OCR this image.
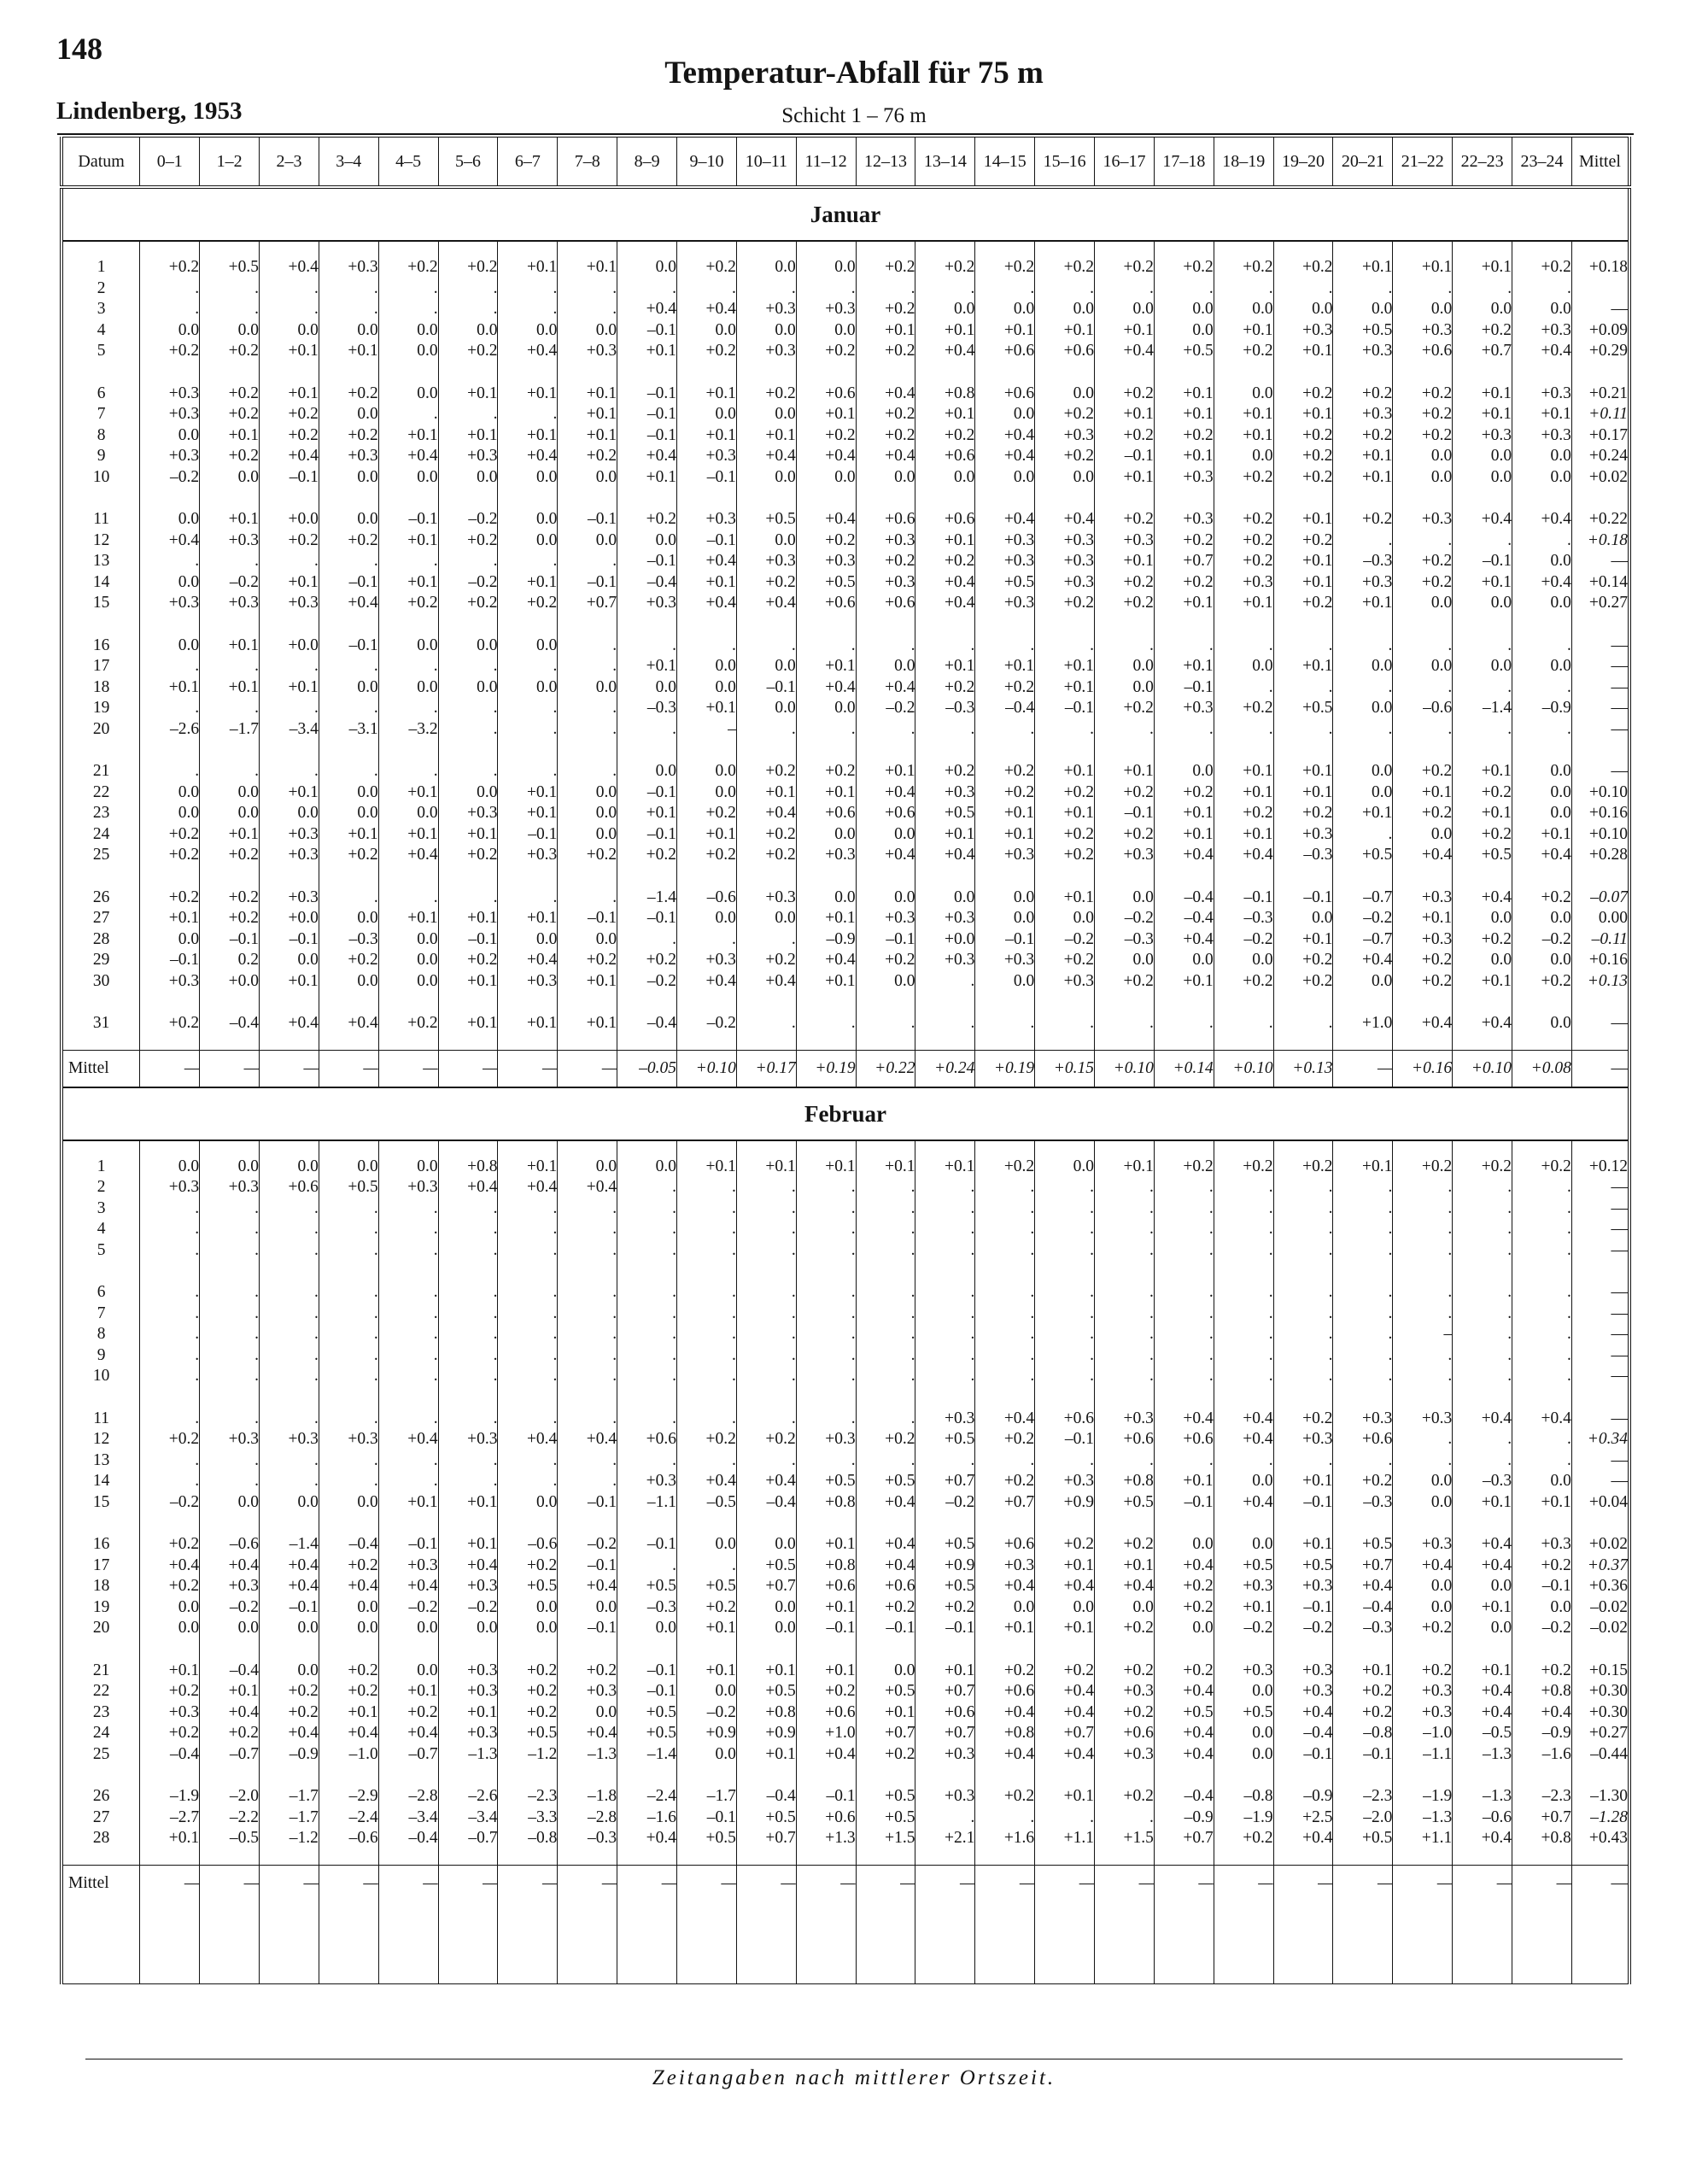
148
Lindenberg, 1953
Temperatur-Abfall für 75 m
Schicht 1 – 76 m
Datum	0–1	1–2	2–3	3–4	4–5	5–6	6–7	7–8	8–9	9–10	10–11	11–12	12–13	13–14	14–15	15–16	16–17	17–18	18–19	19–20	20–21	21–22	22–23	23–24	Mittel
Januar																									

1	+0.2	+0.5	+0.4	+0.3	+0.2	+0.2	+0.1	+0.1	0.0	+0.2	0.0	0.0	+0.2	+0.2	+0.2	+0.2	+0.2	+0.2	+0.2	+0.2	+0.1	+0.1	+0.1	+0.2	+0.18
2	.	.	.	.	.	.	.	.	.	.	.	.	.	.	.	.	.	.	.	.	.	.	.	.	
3	.	.	.	.	.	.	.	.	+0.4	+0.4	+0.3	+0.3	+0.2	0.0	0.0	0.0	0.0	0.0	0.0	0.0	0.0	0.0	0.0	0.0	—
4	0.0	0.0	0.0	0.0	0.0	0.0	0.0	0.0	–0.1	0.0	0.0	0.0	+0.1	+0.1	+0.1	+0.1	+0.1	0.0	+0.1	+0.3	+0.5	+0.3	+0.2	+0.3	+0.09
5	+0.2	+0.2	+0.1	+0.1	0.0	+0.2	+0.4	+0.3	+0.1	+0.2	+0.3	+0.2	+0.2	+0.4	+0.6	+0.6	+0.4	+0.5	+0.2	+0.1	+0.3	+0.6	+0.7	+0.4	+0.29

6	+0.3	+0.2	+0.1	+0.2	0.0	+0.1	+0.1	+0.1	–0.1	+0.1	+0.2	+0.6	+0.4	+0.8	+0.6	0.0	+0.2	+0.1	0.0	+0.2	+0.2	+0.2	+0.1	+0.3	+0.21
7	+0.3	+0.2	+0.2	0.0	.	.	.	+0.1	–0.1	0.0	0.0	+0.1	+0.2	+0.1	0.0	+0.2	+0.1	+0.1	+0.1	+0.1	+0.3	+0.2	+0.1	+0.1	+0.11
8	0.0	+0.1	+0.2	+0.2	+0.1	+0.1	+0.1	+0.1	–0.1	+0.1	+0.1	+0.2	+0.2	+0.2	+0.4	+0.3	+0.2	+0.2	+0.1	+0.2	+0.2	+0.2	+0.3	+0.3	+0.17
9	+0.3	+0.2	+0.4	+0.3	+0.4	+0.3	+0.4	+0.2	+0.4	+0.3	+0.4	+0.4	+0.4	+0.6	+0.4	+0.2	–0.1	+0.1	0.0	+0.2	+0.1	0.0	0.0	0.0	+0.24
10	–0.2	0.0	–0.1	0.0	0.0	0.0	0.0	0.0	+0.1	–0.1	0.0	0.0	0.0	0.0	0.0	0.0	+0.1	+0.3	+0.2	+0.2	+0.1	0.0	0.0	0.0	+0.02

11	0.0	+0.1	+0.0	0.0	–0.1	–0.2	0.0	–0.1	+0.2	+0.3	+0.5	+0.4	+0.6	+0.6	+0.4	+0.4	+0.2	+0.3	+0.2	+0.1	+0.2	+0.3	+0.4	+0.4	+0.22
12	+0.4	+0.3	+0.2	+0.2	+0.1	+0.2	0.0	0.0	0.0	–0.1	0.0	+0.2	+0.3	+0.1	+0.3	+0.3	+0.3	+0.2	+0.2	+0.2	.	.	.	.	+0.18
13	.	.	.	.	.	.	.	.	–0.1	+0.4	+0.3	+0.3	+0.2	+0.2	+0.3	+0.3	+0.1	+0.7	+0.2	+0.1	–0.3	+0.2	–0.1	0.0	—
14	0.0	–0.2	+0.1	–0.1	+0.1	–0.2	+0.1	–0.1	–0.4	+0.1	+0.2	+0.5	+0.3	+0.4	+0.5	+0.3	+0.2	+0.2	+0.3	+0.1	+0.3	+0.2	+0.1	+0.4	+0.14
15	+0.3	+0.3	+0.3	+0.4	+0.2	+0.2	+0.2	+0.7	+0.3	+0.4	+0.4	+0.6	+0.6	+0.4	+0.3	+0.2	+0.2	+0.1	+0.1	+0.2	+0.1	0.0	0.0	0.0	+0.27

16	0.0	+0.1	+0.0	–0.1	0.0	0.0	0.0	.	.	.	.	.	.	.	.	.	.	.	.	.	.	.	.	.	—
17	.	.	.	.	.	.	.	.	+0.1	0.0	0.0	+0.1	0.0	+0.1	+0.1	+0.1	0.0	+0.1	0.0	+0.1	0.0	0.0	0.0	0.0	—
18	+0.1	+0.1	+0.1	0.0	0.0	0.0	0.0	0.0	0.0	0.0	–0.1	+0.4	+0.4	+0.2	+0.2	+0.1	0.0	–0.1	.	.	.	.	.	.	—
19	.	.	.	.	.	.	.	.	–0.3	+0.1	0.0	0.0	–0.2	–0.3	–0.4	–0.1	+0.2	+0.3	+0.2	+0.5	0.0	–0.6	–1.4	–0.9	—
20	–2.6	–1.7	–3.4	–3.1	–3.2	.	.	.	.	–	.	.	.	.	.	.	.	.	.	.	.	.	.	.	—

21	.	.	.	.	.	.	.	.	0.0	0.0	+0.2	+0.2	+0.1	+0.2	+0.2	+0.1	+0.1	0.0	+0.1	+0.1	0.0	+0.2	+0.1	0.0	—
22	0.0	0.0	+0.1	0.0	+0.1	0.0	+0.1	0.0	–0.1	0.0	+0.1	+0.1	+0.4	+0.3	+0.2	+0.2	+0.2	+0.2	+0.1	+0.1	0.0	+0.1	+0.2	0.0	+0.10
23	0.0	0.0	0.0	0.0	0.0	+0.3	+0.1	0.0	+0.1	+0.2	+0.4	+0.6	+0.6	+0.5	+0.1	+0.1	–0.1	+0.1	+0.2	+0.2	+0.1	+0.2	+0.1	0.0	+0.16
24	+0.2	+0.1	+0.3	+0.1	+0.1	+0.1	–0.1	0.0	–0.1	+0.1	+0.2	0.0	0.0	+0.1	+0.1	+0.2	+0.2	+0.1	+0.1	+0.3	.	0.0	+0.2	+0.1	+0.10
25	+0.2	+0.2	+0.3	+0.2	+0.4	+0.2	+0.3	+0.2	+0.2	+0.2	+0.2	+0.3	+0.4	+0.4	+0.3	+0.2	+0.3	+0.4	+0.4	–0.3	+0.5	+0.4	+0.5	+0.4	+0.28

26	+0.2	+0.2	+0.3	.	.	.	.	.	–1.4	–0.6	+0.3	0.0	0.0	0.0	0.0	+0.1	0.0	–0.4	–0.1	–0.1	–0.7	+0.3	+0.4	+0.2	–0.07
27	+0.1	+0.2	+0.0	0.0	+0.1	+0.1	+0.1	–0.1	–0.1	0.0	0.0	+0.1	+0.3	+0.3	0.0	0.0	–0.2	–0.4	–0.3	0.0	–0.2	+0.1	0.0	0.0	0.00
28	0.0	–0.1	–0.1	–0.3	0.0	–0.1	0.0	0.0	.	.	.	–0.9	–0.1	+0.0	–0.1	–0.2	–0.3	+0.4	–0.2	+0.1	–0.7	+0.3	+0.2	–0.2	–0.11
29	–0.1	0.2	0.0	+0.2	0.0	+0.2	+0.4	+0.2	+0.2	+0.3	+0.2	+0.4	+0.2	+0.3	+0.3	+0.2	0.0	0.0	0.0	+0.2	+0.4	+0.2	0.0	0.0	+0.16
30	+0.3	+0.0	+0.1	0.0	0.0	+0.1	+0.3	+0.1	–0.2	+0.4	+0.4	+0.1	0.0	.	0.0	+0.3	+0.2	+0.1	+0.2	+0.2	0.0	+0.2	+0.1	+0.2	+0.13

31	+0.2	–0.4	+0.4	+0.4	+0.2	+0.1	+0.1	+0.1	–0.4	–0.2	.	.	.	.	.	.	.	.	.	.	+1.0	+0.4	+0.4	0.0	—

Mittel	—	—	—	—	—	—	—	—	–0.05	+0.10	+0.17	+0.19	+0.22	+0.24	+0.19	+0.15	+0.10	+0.14	+0.10	+0.13	—	+0.16	+0.10	+0.08	—
Februar																									

1	0.0	0.0	0.0	0.0	0.0	+0.8	+0.1	0.0	0.0	+0.1	+0.1	+0.1	+0.1	+0.1	+0.2	0.0	+0.1	+0.2	+0.2	+0.2	+0.1	+0.2	+0.2	+0.2	+0.12
2	+0.3	+0.3	+0.6	+0.5	+0.3	+0.4	+0.4	+0.4	.	.	.	.	.	.	.	.	.	.	.	.	.	.	.	.	—
3	.	.	.	.	.	.	.	.	.	.	.	.	.	.	.	.	.	.	.	.	.	.	.	.	—
4	.	.	.	.	.	.	.	.	.	.	.	.	.	.	.	.	.	.	.	.	.	.	.	.	—
5	.	.	.	.	.	.	.	.	.	.	.	.	.	.	.	.	.	.	.	.	.	.	.	.	—

6	.	.	.	.	.	.	.	.	.	.	.	.	.	.	.	.	.	.	.	.	.	.	.	.	—
7	.	.	.	.	.	.	.	.	.	.	.	.	.	.	.	.	.	.	.	.	.	.	.	.	—
8	.	.	.	.	.	.	.	.	.	.	.	.	.	.	.	.	.	.	.	.	.	–	.	.	—
9	.	.	.	.	.	.	.	.	.	.	.	.	.	.	.	.	.	.	.	.	.	.	.	.	—
10	.	.	.	.	.	.	.	.	.	.	.	.	.	.	.	.	.	.	.	.	.	.	.	.	—

11	.	.	.	.	.	.	.	.	.	.	.	.	.	+0.3	+0.4	+0.6	+0.3	+0.4	+0.4	+0.2	+0.3	+0.3	+0.4	+0.4	—
12	+0.2	+0.3	+0.3	+0.3	+0.4	+0.3	+0.4	+0.4	+0.6	+0.2	+0.2	+0.3	+0.2	+0.5	+0.2	–0.1	+0.6	+0.6	+0.4	+0.3	+0.6	.	.	.	+0.34
13	.	.	.	.	.	.	.	.	.	.	.	.	.	.	.	.	.	.	.	.	.	.	.	.	—
14	.	.	.	.	.	.	.	.	+0.3	+0.4	+0.4	+0.5	+0.5	+0.7	+0.2	+0.3	+0.8	+0.1	0.0	+0.1	+0.2	0.0	–0.3	0.0	—
15	–0.2	0.0	0.0	0.0	+0.1	+0.1	0.0	–0.1	–1.1	–0.5	–0.4	+0.8	+0.4	–0.2	+0.7	+0.9	+0.5	–0.1	+0.4	–0.1	–0.3	0.0	+0.1	+0.1	+0.04

16	+0.2	–0.6	–1.4	–0.4	–0.1	+0.1	–0.6	–0.2	–0.1	0.0	0.0	+0.1	+0.4	+0.5	+0.6	+0.2	+0.2	0.0	0.0	+0.1	+0.5	+0.3	+0.4	+0.3	+0.02
17	+0.4	+0.4	+0.4	+0.2	+0.3	+0.4	+0.2	–0.1	.	.	+0.5	+0.8	+0.4	+0.9	+0.3	+0.1	+0.1	+0.4	+0.5	+0.5	+0.7	+0.4	+0.4	+0.2	+0.37
18	+0.2	+0.3	+0.4	+0.4	+0.4	+0.3	+0.5	+0.4	+0.5	+0.5	+0.7	+0.6	+0.6	+0.5	+0.4	+0.4	+0.4	+0.2	+0.3	+0.3	+0.4	0.0	0.0	–0.1	+0.36
19	0.0	–0.2	–0.1	0.0	–0.2	–0.2	0.0	0.0	–0.3	+0.2	0.0	+0.1	+0.2	+0.2	0.0	0.0	0.0	+0.2	+0.1	–0.1	–0.4	0.0	+0.1	0.0	–0.02
20	0.0	0.0	0.0	0.0	0.0	0.0	0.0	–0.1	0.0	+0.1	0.0	–0.1	–0.1	–0.1	+0.1	+0.1	+0.2	0.0	–0.2	–0.2	–0.3	+0.2	0.0	–0.2	–0.02

21	+0.1	–0.4	0.0	+0.2	0.0	+0.3	+0.2	+0.2	–0.1	+0.1	+0.1	+0.1	0.0	+0.1	+0.2	+0.2	+0.2	+0.2	+0.3	+0.3	+0.1	+0.2	+0.1	+0.2	+0.15
22	+0.2	+0.1	+0.2	+0.2	+0.1	+0.3	+0.2	+0.3	–0.1	0.0	+0.5	+0.2	+0.5	+0.7	+0.6	+0.4	+0.3	+0.4	0.0	+0.3	+0.2	+0.3	+0.4	+0.8	+0.30
23	+0.3	+0.4	+0.2	+0.1	+0.2	+0.1	+0.2	0.0	+0.5	–0.2	+0.8	+0.6	+0.1	+0.6	+0.4	+0.4	+0.2	+0.5	+0.5	+0.4	+0.2	+0.3	+0.4	+0.4	+0.30
24	+0.2	+0.2	+0.4	+0.4	+0.4	+0.3	+0.5	+0.4	+0.5	+0.9	+0.9	+1.0	+0.7	+0.7	+0.8	+0.7	+0.6	+0.4	0.0	–0.4	–0.8	–1.0	–0.5	–0.9	+0.27
25	–0.4	–0.7	–0.9	–1.0	–0.7	–1.3	–1.2	–1.3	–1.4	0.0	+0.1	+0.4	+0.2	+0.3	+0.4	+0.4	+0.3	+0.4	0.0	–0.1	–0.1	–1.1	–1.3	–1.6	–0.44

26	–1.9	–2.0	–1.7	–2.9	–2.8	–2.6	–2.3	–1.8	–2.4	–1.7	–0.4	–0.1	+0.5	+0.3	+0.2	+0.1	+0.2	–0.4	–0.8	–0.9	–2.3	–1.9	–1.3	–2.3	–1.30
27	–2.7	–2.2	–1.7	–2.4	–3.4	–3.4	–3.3	–2.8	–1.6	–0.1	+0.5	+0.6	+0.5	.	.	.	.	–0.9	–1.9	+2.5	–2.0	–1.3	–0.6	+0.7	–1.28
28	+0.1	–0.5	–1.2	–0.6	–0.4	–0.7	–0.8	–0.3	+0.4	+0.5	+0.7	+1.3	+1.5	+2.1	+1.6	+1.1	+1.5	+0.7	+0.2	+0.4	+0.5	+1.1	+0.4	+0.8	+0.43

Mittel	—	—	—	—	—	—	—	—	—	—	—	—	—	—	—	—	—	—	—	—	—	—	—	—	—

Zeitangaben nach mittlerer Ortszeit.
